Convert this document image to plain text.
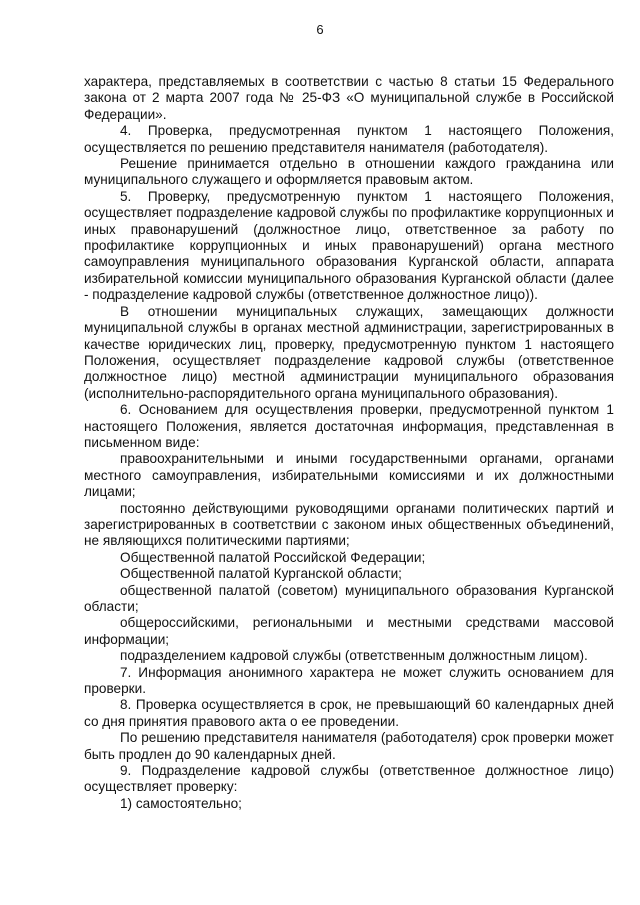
6

характера, представляемых в соответствии с частью 8 статьи 15 Федерального закона от 2 марта 2007 года № 25-ФЗ «О муниципальной службе в Российской Федерации».

4. Проверка, предусмотренная пунктом 1 настоящего Положения, осуществляется по решению представителя нанимателя (работодателя).

Решение принимается отдельно в отношении каждого гражданина или муниципального служащего и оформляется правовым актом.

5. Проверку, предусмотренную пунктом 1 настоящего Положения, осуществляет подразделение кадровой службы по профилактике коррупционных и иных правонарушений (должностное лицо, ответственное за работу по профилактике коррупционных и иных правонарушений) органа местного самоуправления муниципального образования Курганской области, аппарата избирательной комиссии муниципального образования Курганской области (далее - подразделение кадровой службы (ответственное должностное лицо)).

В отношении муниципальных служащих, замещающих должности муниципальной службы в органах местной администрации, зарегистрированных в качестве юридических лиц, проверку, предусмотренную пунктом 1 настоящего Положения, осуществляет подразделение кадровой службы (ответственное должностное лицо) местной администрации муниципального образования (исполнительно-распорядительного органа муниципального образования).

6. Основанием для осуществления проверки, предусмотренной пунктом 1 настоящего Положения, является достаточная информация, представленная в письменном виде:

правоохранительными и иными государственными органами, органами местного самоуправления, избирательными комиссиями и их должностными лицами;

постоянно действующими руководящими органами политических партий и зарегистрированных в соответствии с законом иных общественных объединений, не являющихся политическими партиями;

Общественной палатой Российской Федерации;

Общественной палатой Курганской области;

общественной палатой (советом) муниципального образования Курганской области;

общероссийскими, региональными и местными средствами массовой информации;

подразделением кадровой службы (ответственным должностным лицом).

7. Информация анонимного характера не может служить основанием для проверки.

8. Проверка осуществляется в срок, не превышающий 60 календарных дней со дня принятия правового акта о ее проведении.

По решению представителя нанимателя (работодателя) срок проверки может быть продлен до 90 календарных дней.

9. Подразделение кадровой службы (ответственное должностное лицо) осуществляет проверку:

1) самостоятельно;
